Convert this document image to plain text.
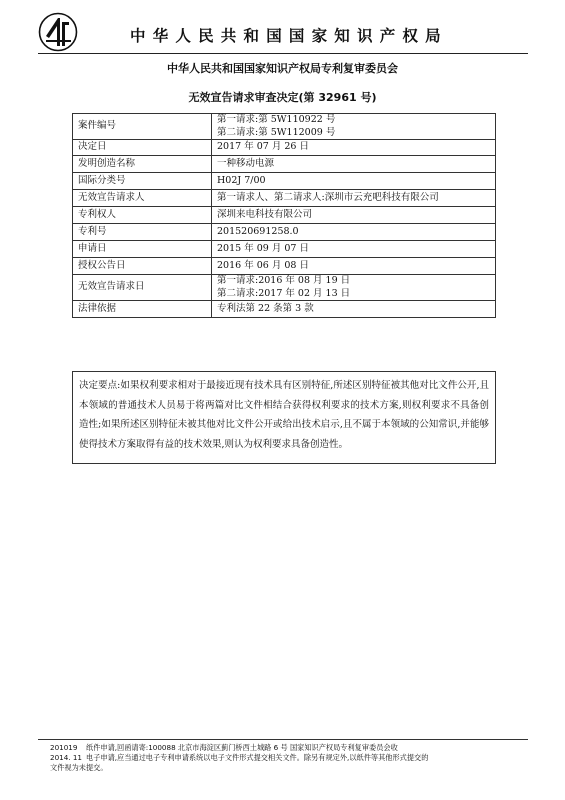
中华人民共和国国家知识产权局
中华人民共和国国家知识产权局专利复审委员会
无效宣告请求审查决定(第 32961 号)
案件编号	第一请求:第 5W110922 号
第二请求:第 5W112009 号

决定日	2017 年 07 月 26 日

发明创造名称	一种移动电源

国际分类号	H02J 7/00

无效宣告请求人	第一请求人、第二请求人:深圳市云充吧科技有限公司

专利权人	深圳来电科技有限公司

专利号	201520691258.0

申请日	2015 年 09 月 07 日

授权公告日	2016 年 06 月 08 日

无效宣告请求日	第一请求:2016 年 08 月 19 日
第二请求:2017 年 02 月 13 日

法律依据	专利法第 22 条第 3 款
决定要点:如果权利要求相对于最接近现有技术具有区别特征,所述区别特征被其他对比文件公开,且本领域的普通技术人员易于将两篇对比文件相结合获得权利要求的技术方案,则权利要求不具备创造性;如果所述区别特征未被其他对比文件公开或给出技术启示,且不属于本领域的公知常识,并能够使得技术方案取得有益的技术效果,则认为权利要求具备创造性。
201019	纸件申请,回函请寄:100088 北京市海淀区蓟门桥西土城路 6 号 国家知识产权局专利复审委员会收
2014. 11 电子申请,应当通过电子专利申请系统以电子文件形式提交相关文件。除另有规定外,以纸件等其他形式提交的
文件视为未提交。
